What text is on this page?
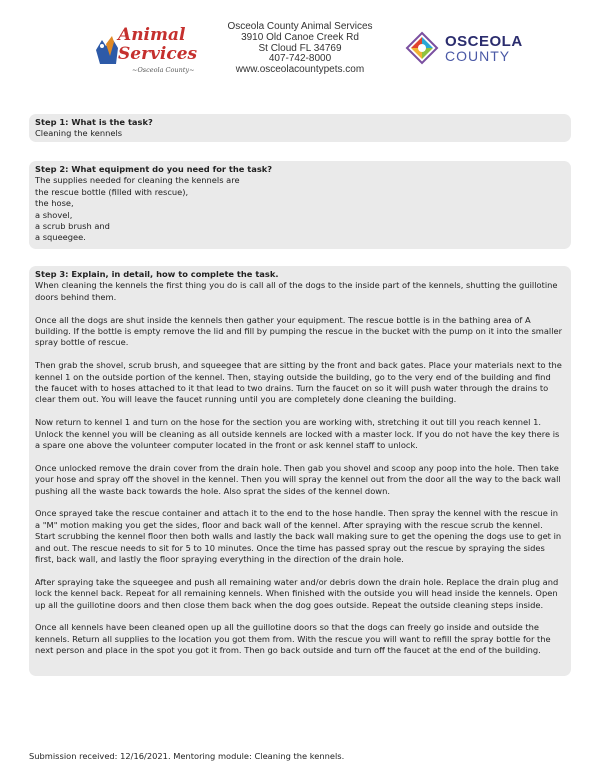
Animal
Services
~Osceola County~
Osceola County Animal Services
3910 Old Canoe Creek Rd
St Cloud FL 34769
407-742-8000
www.osceolacountypets.com
OSCEOLA
COUNTY
Step 1: What is the task?

Cleaning the kennels

Step 2: What equipment do you need for the task?

The supplies needed for cleaning the kennels are

the rescue bottle (filled with rescue),

the hose,

a shovel,

a scrub brush and

a squeegee.

Step 3: Explain, in detail, how to complete the task.

When cleaning the kennels the first thing you do is call all of the dogs to the inside part of the kennels, shutting the guillotine doors behind them.

Once all the dogs are shut inside the kennels then gather your equipment. The rescue bottle is in the bathing area of A building. If the bottle is empty remove the lid and fill by pumping the rescue in the bucket with the pump on it into the smaller spray bottle of rescue.

Then grab the shovel, scrub brush, and squeegee that are sitting by the front and back gates. Place your materials next to the kennel 1 on the outside portion of the kennel. Then, staying outside the building, go to the very end of the building and find the faucet with to hoses attached to it that lead to two drains. Turn the faucet on so it will push water through the drains to clear them out. You will leave the faucet running until you are completely done cleaning the building.

Now return to kennel 1 and turn on the hose for the section you are working with, stretching it out till you reach kennel 1. Unlock the kennel you will be cleaning as all outside kennels are locked with a master lock. If you do not have the key there is a spare one above the volunteer computer located in the front or ask kennel staff to unlock.

Once unlocked remove the drain cover from the drain hole. Then gab you shovel and scoop any poop into the hole. Then take your hose and spray off the shovel in the kennel. Then you will spray the kennel out from the door all the way to the back wall pushing all the waste back towards the hole. Also sprat the sides of the kennel down.

Once sprayed take the rescue container and attach it to the end to the hose handle. Then spray the kennel with the rescue in a "M" motion making you get the sides, floor and back wall of the kennel. After spraying with the rescue scrub the kennel. Start scrubbing the kennel floor then both walls and lastly the back wall making sure to get the opening the dogs use to get in and out. The rescue needs to sit for 5 to 10 minutes. Once the time has passed spray out the rescue by spraying the sides first, back wall, and lastly the floor spraying everything in the direction of the drain hole.

After spraying take the squeegee and push all remaining water and/or debris down the drain hole. Replace the drain plug and lock the kennel back. Repeat for all remaining kennels. When finished with the outside you will head inside the kennels. Open up all the guillotine doors and then close them back when the dog goes outside. Repeat the outside cleaning steps inside.

Once all kennels have been cleaned open up all the guillotine doors so that the dogs can freely go inside and outside the kennels. Return all supplies to the location you got them from. With the rescue you will want to refill the spray bottle for the next person and place in the spot you got it from. Then go back outside and turn off the faucet at the end of the building.

Submission received: 12/16/2021. Mentoring module: Cleaning the kennels.
